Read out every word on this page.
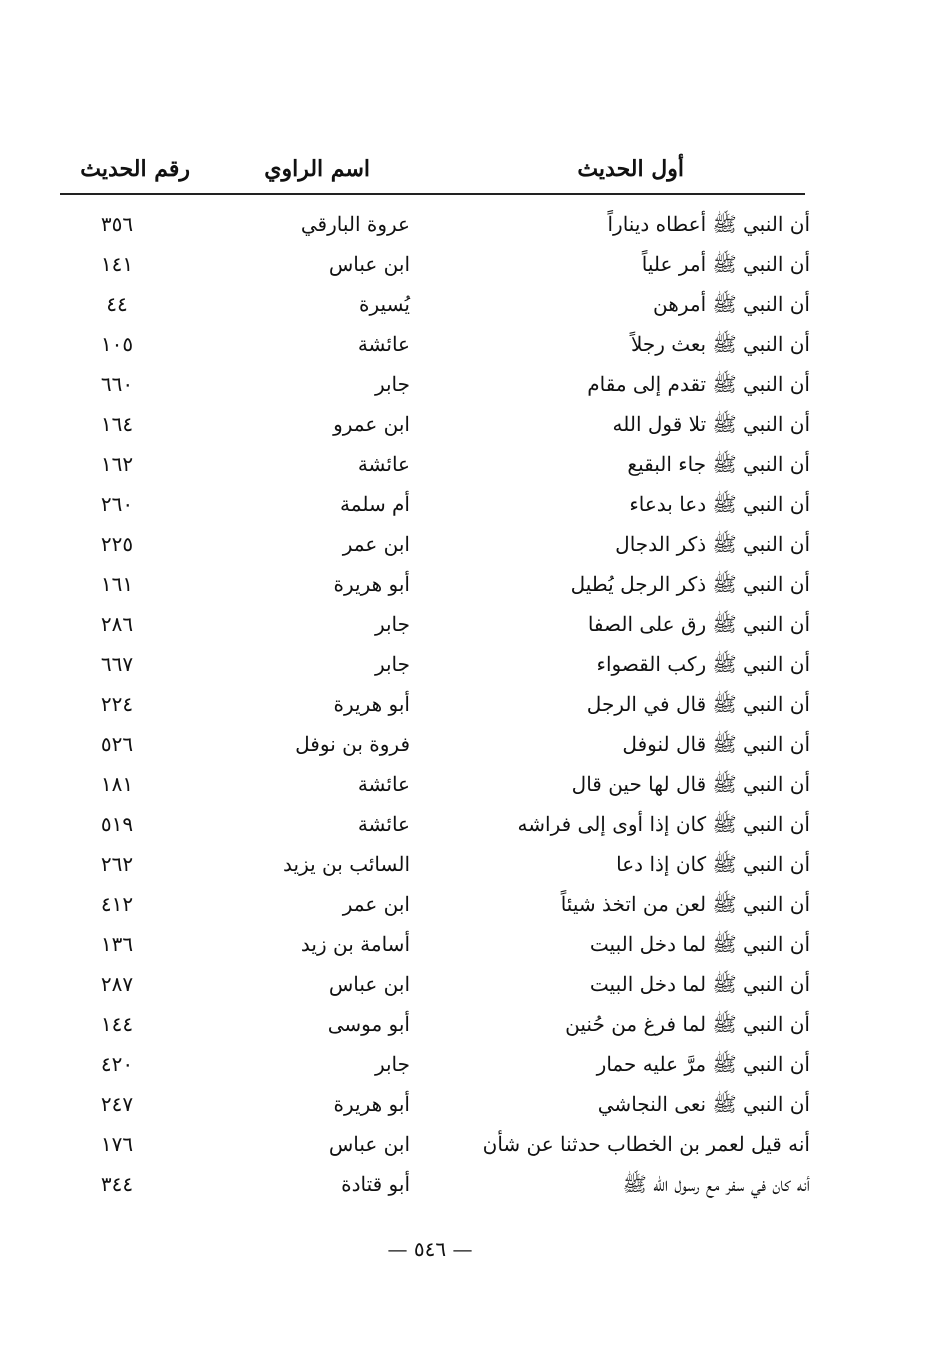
أول الحديث
اسم الراوي
رقم الحديث
أن النبي ﷺ أعطاه ديناراً
عروة البارقي
٣٥٦
أن النبي ﷺ أمر علياً
ابن عباس
١٤١
أن النبي ﷺ أمرهن
يُسيرة
٤٤
أن النبي ﷺ بعث رجلاً
عائشة
١٠٥
أن النبي ﷺ تقدم إلى مقام
جابر
٦٦٠
أن النبي ﷺ تلا قول الله
ابن عمرو
١٦٤
أن النبي ﷺ جاء البقيع
عائشة
١٦٢
أن النبي ﷺ دعا بدعاء
أم سلمة
٢٦٠
أن النبي ﷺ ذكر الدجال
ابن عمر
٢٢٥
أن النبي ﷺ ذكر الرجل يُطيل
أبو هريرة
١٦١
أن النبي ﷺ رق على الصفا
جابر
٢٨٦
أن النبي ﷺ ركب القصواء
جابر
٦٦٧
أن النبي ﷺ قال في الرجل
أبو هريرة
٢٢٤
أن النبي ﷺ قال لنوفل
فروة بن نوفل
٥٢٦
أن النبي ﷺ قال لها حين قال
عائشة
١٨١
أن النبي ﷺ كان إذا أوى إلى فراشه
عائشة
٥١٩
أن النبي ﷺ كان إذا دعا
السائب بن يزيد
٢٦٢
أن النبي ﷺ لعن من اتخذ شيئاً
ابن عمر
٤١٢
أن النبي ﷺ لما دخل البيت
أسامة بن زيد
١٣٦
أن النبي ﷺ لما دخل البيت
ابن عباس
٢٨٧
أن النبي ﷺ لما فرغ من حُنين
أبو موسى
١٤٤
أن النبي ﷺ مرَّ عليه حمار
جابر
٤٢٠
أن النبي ﷺ نعى النجاشي
أبو هريرة
٢٤٧
أنه قيل لعمر بن الخطاب حدثنا عن شأن
ابن عباس
١٧٦
أنه كان في سفر مع رسول الله ﷺ
أبو قتادة
٣٤٤
— ٥٤٦ —
